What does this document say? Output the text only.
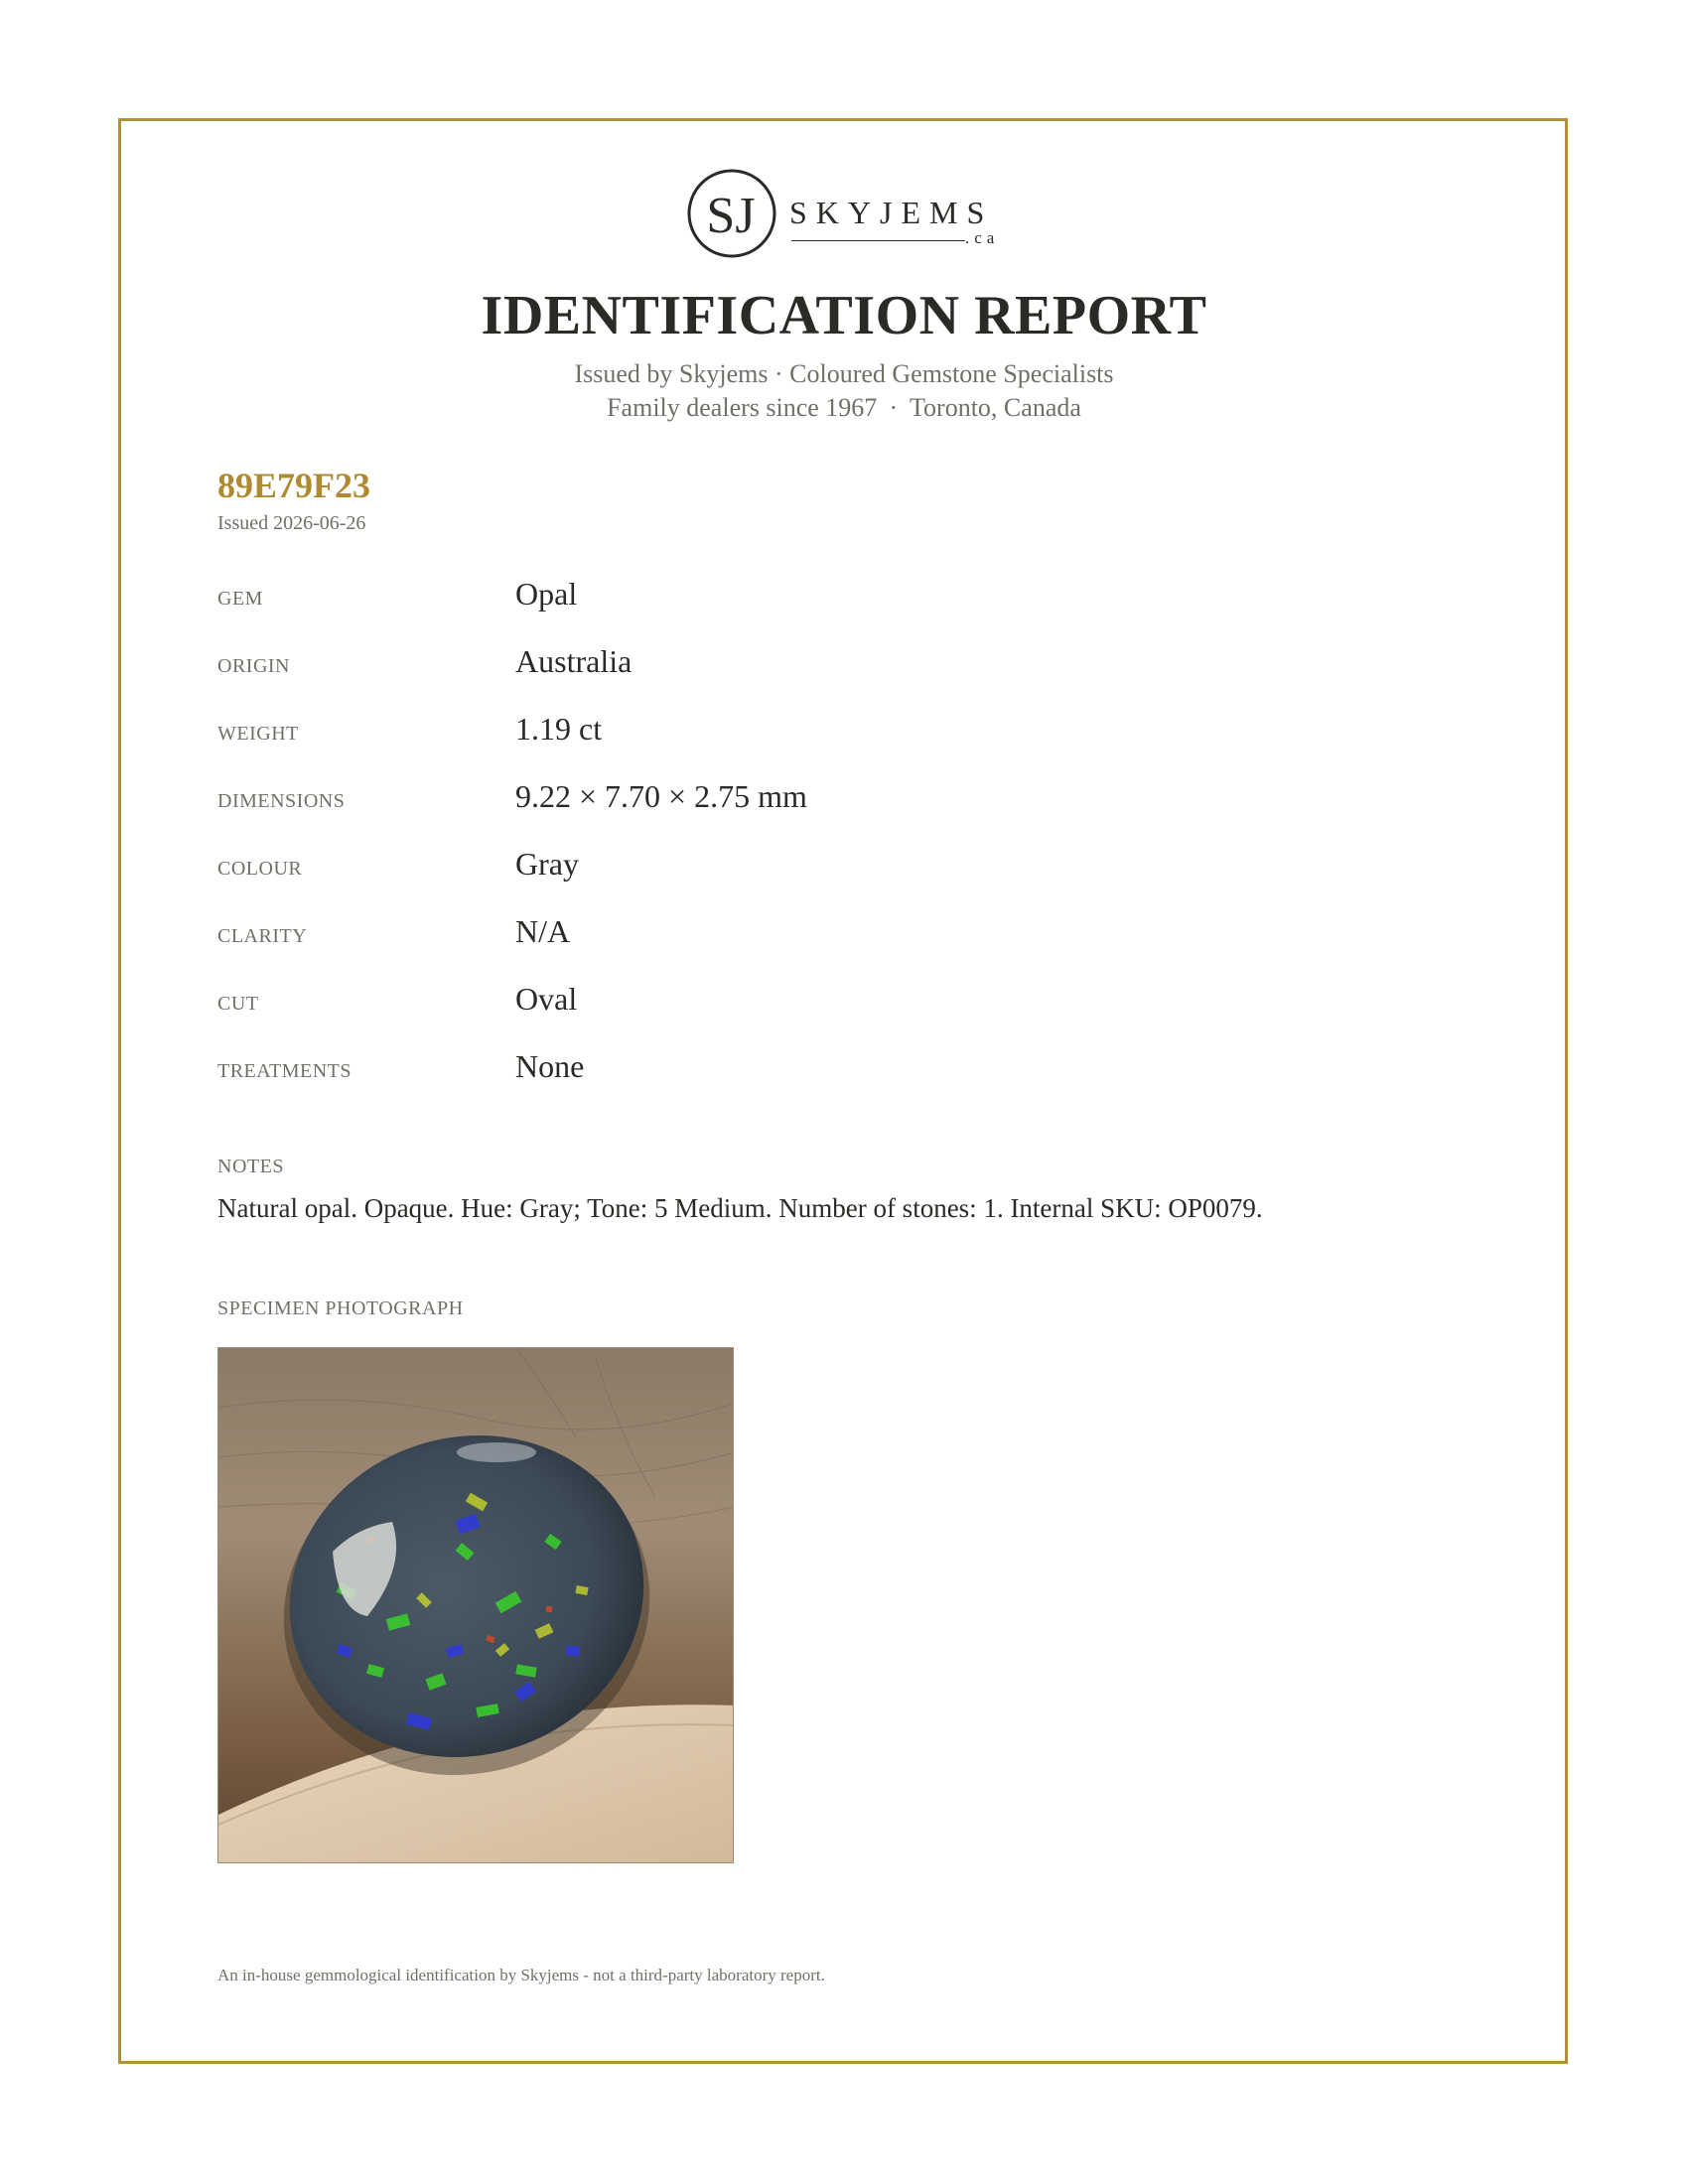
SJ SKYJEMS
.ca
IDENTIFICATION REPORT
Issued by Skyjems · Coloured Gemstone Specialists
Family dealers since 1967 · Toronto, Canada
89E79F23
Issued 2026-06-26
GEM	Opal
ORIGIN	Australia
WEIGHT	1.19 ct
DIMENSIONS	9.22 × 7.70 × 2.75 mm
COLOUR	Gray
CLARITY	N/A
CUT	Oval
TREATMENTS	None
NOTES
Natural opal. Opaque. Hue: Gray; Tone: 5 Medium. Number of stones: 1. Internal SKU: OP0079.
SPECIMEN PHOTOGRAPH
An in-house gemmological identification by Skyjems - not a third-party laboratory report.
